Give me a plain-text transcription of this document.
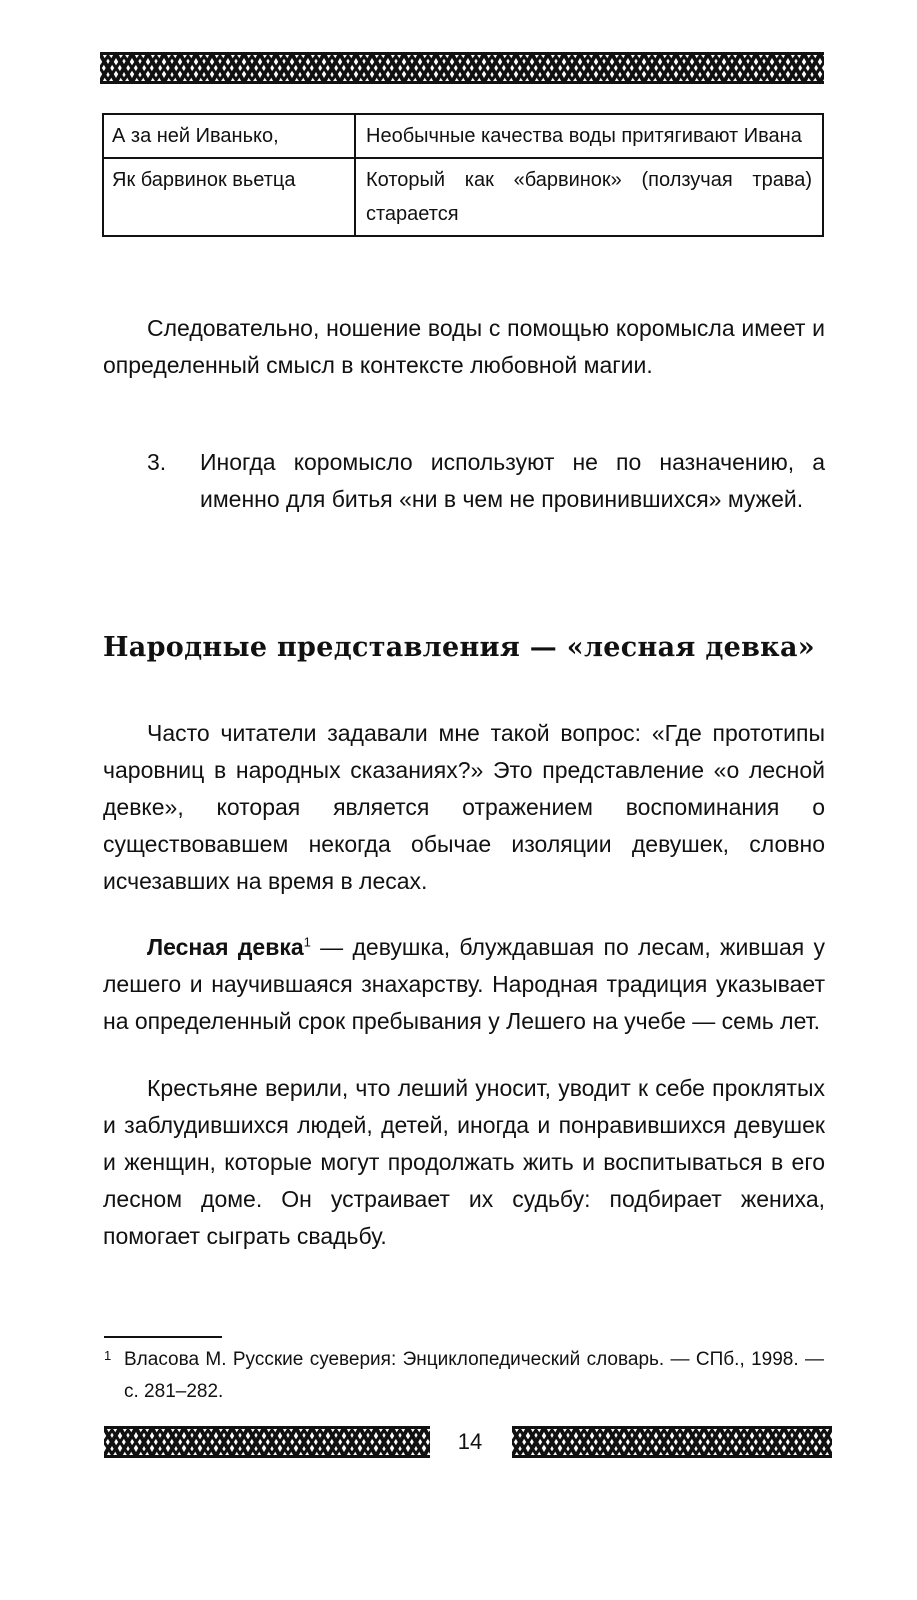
А за ней Иванько,	Необычные качества воды притягивают Ивана
Як барвинок вьетца	Который как «барвинок» (ползучая трава) старается

Следовательно, ношение воды с помощью коромысла имеет и определенный смысл в контексте любовной магии.

3. Иногда коромысло используют не по назначению, а именно для битья «ни в чем не провинившихся» мужей.
Народные представления — «лесная девка»

Часто читатели задавали мне такой вопрос: «Где прототипы чаровниц в народных сказаниях?» Это представление «о лесной девке», которая является отражением воспоминания о существовавшем некогда обычае изоляции девушек, словно исчезавших на время в лесах.

Лесная девка$^1$ — девушка, блуждавшая по лесам, жившая у лешего и научившаяся знахарству. Народная традиция указывает на определенный срок пребывания у Лешего на учебе — семь лет.

Крестьяне верили, что леший уносит, уводит к себе проклятых и заблудившихся людей, детей, иногда и понравившихся девушек и женщин, которые могут продолжать жить и воспитываться в его лесном доме. Он устраивает их судьбу: подбирает жениха, помогает сыграть свадьбу.

1 Власова М. Русские суеверия: Энциклопедический словарь. — СПб., 1998. — с. 281–282.
14
